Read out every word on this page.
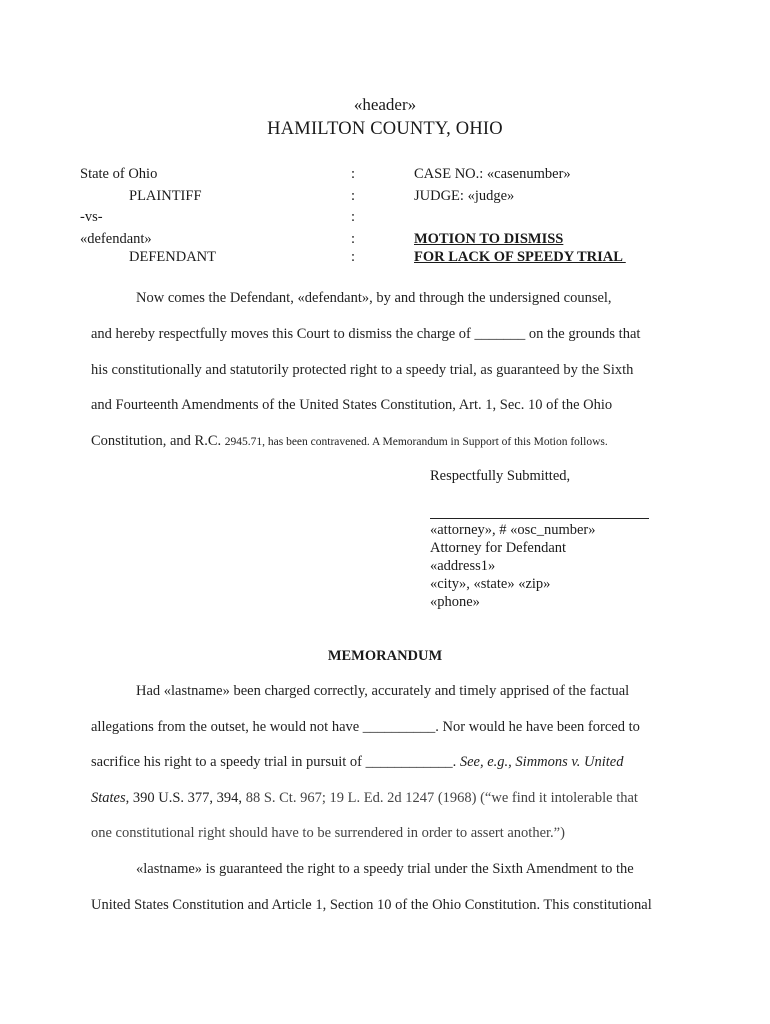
«header»
HAMILTON COUNTY, OHIO
State of Ohio
PLAINTIFF
-vs-
«defendant»
DEFENDANT
:
:
:
:
:
CASE NO.: «casenumber»
JUDGE: «judge»
MOTION TO DISMISS
FOR LACK OF SPEEDY TRIAL
Now comes the Defendant, «defendant», by and through the undersigned counsel,
and hereby respectfully moves this Court to dismiss the charge of _______ on the grounds that
his constitutionally and statutorily protected right to a speedy trial, as guaranteed by the Sixth
and Fourteenth Amendments of the United States Constitution, Art. 1, Sec. 10 of the Ohio
Constitution, and R.C. 2945.71, has been contravened. A Memorandum in Support of this Motion follows.
Respectfully Submitted,
«attorney», # «osc_number»
Attorney for Defendant
«address1»
«city», «state» «zip»
«phone»
MEMORANDUM
Had «lastname» been charged correctly, accurately and timely apprised of the factual
allegations from the outset, he would not have __________. Nor would he have been forced to
sacrifice his right to a speedy trial in pursuit of ____________. See, e.g., Simmons v. United
States, 390 U.S. 377, 394, 88 S. Ct. 967; 19 L. Ed. 2d 1247 (1968) (“we find it intolerable that
one constitutional right should have to be surrendered in order to assert another.”)
«lastname» is guaranteed the right to a speedy trial under the Sixth Amendment to the
United States Constitution and Article 1, Section 10 of the Ohio Constitution. This constitutional
